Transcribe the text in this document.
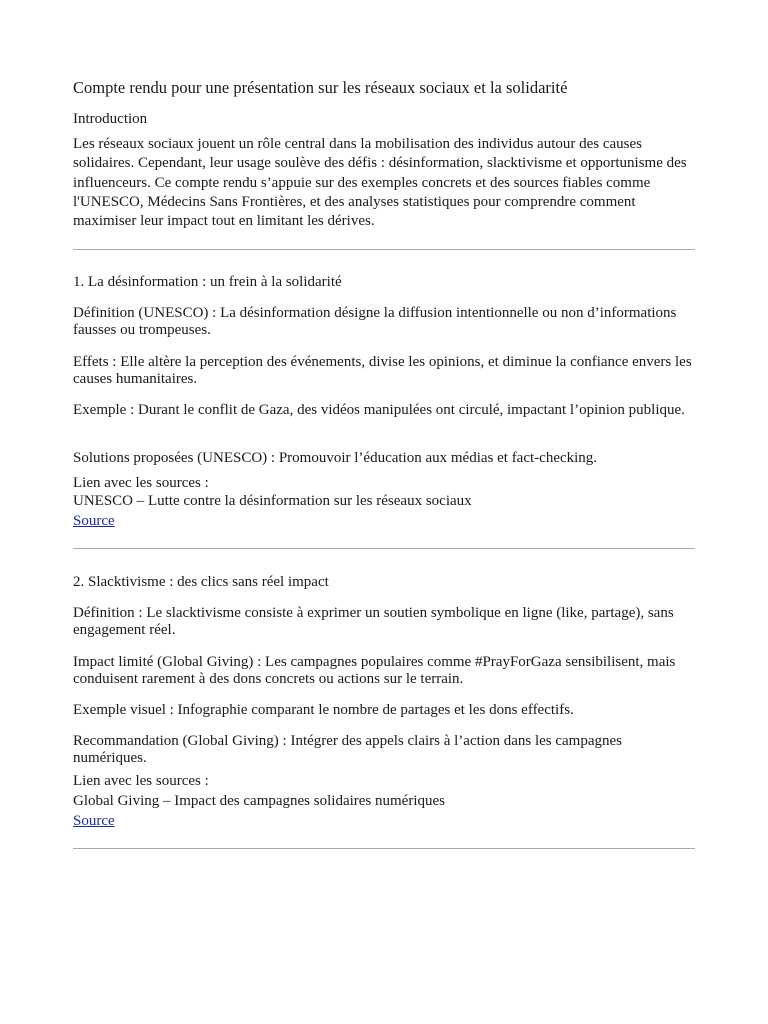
Compte rendu pour une présentation sur les réseaux sociaux et la solidarité
Introduction

Les réseaux sociaux jouent un rôle central dans la mobilisation des individus autour des causes solidaires. Cependant, leur usage soulève des défis : désinformation, slacktivisme et opportunisme des influenceurs. Ce compte rendu s’appuie sur des exemples concrets et des sources fiables comme l'UNESCO, Médecins Sans Frontières, et des analyses statistiques pour comprendre comment maximiser leur impact tout en limitant les dérives.

1. La désinformation : un frein à la solidarité

Définition (UNESCO) : La désinformation désigne la diffusion intentionnelle ou non d’informations fausses ou trompeuses.

Effets : Elle altère la perception des événements, divise les opinions, et diminue la confiance envers les causes humanitaires.

Exemple : Durant le conflit de Gaza, des vidéos manipulées ont circulé, impactant l’opinion publique.

Solutions proposées (UNESCO) : Promouvoir l’éducation aux médias et fact-checking.

Lien avec les sources :

UNESCO – Lutte contre la désinformation sur les réseaux sociaux

Source
2. Slacktivisme : des clics sans réel impact

Définition : Le slacktivisme consiste à exprimer un soutien symbolique en ligne (like, partage), sans engagement réel.

Impact limité (Global Giving) : Les campagnes populaires comme #PrayForGaza sensibilisent, mais conduisent rarement à des dons concrets ou actions sur le terrain.

Exemple visuel : Infographie comparant le nombre de partages et les dons effectifs.

Recommandation (Global Giving) : Intégrer des appels clairs à l’action dans les campagnes numériques.

Lien avec les sources :

Global Giving – Impact des campagnes solidaires numériques

Source
